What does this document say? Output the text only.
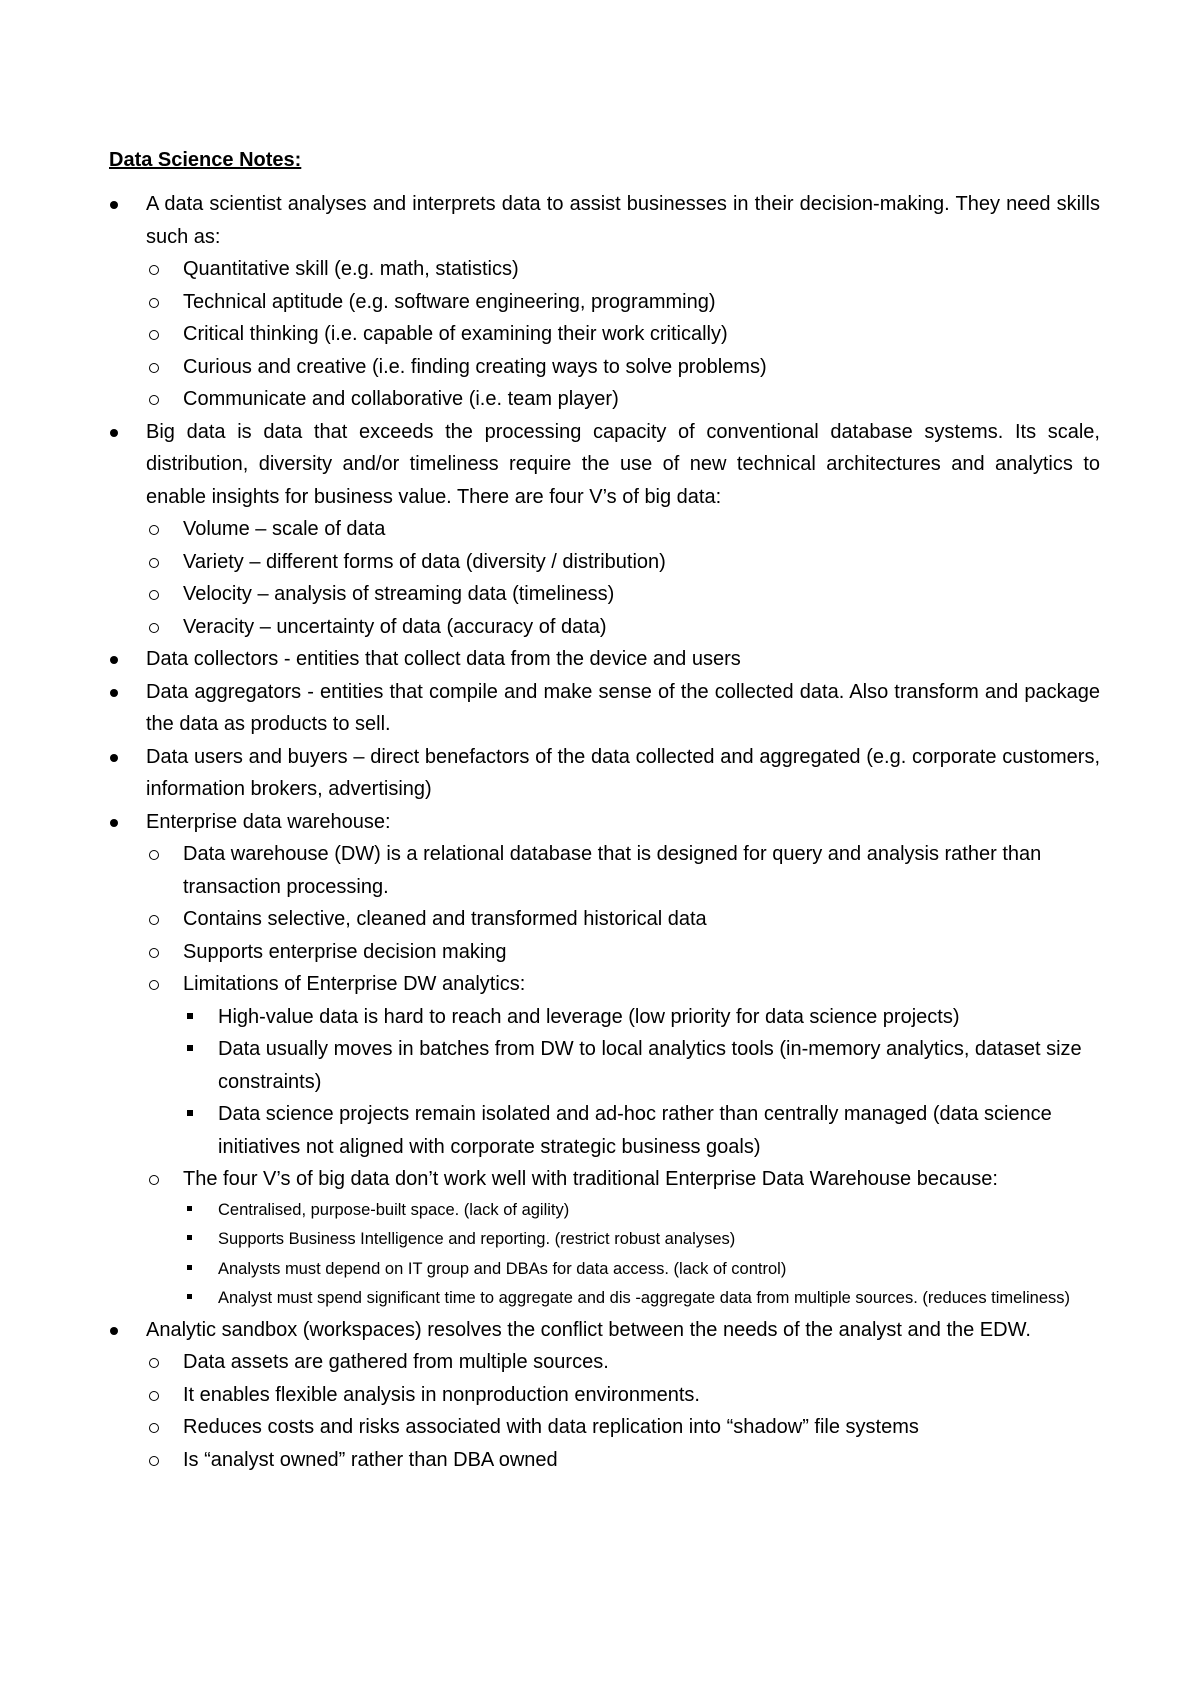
Data Science Notes:
A data scientist analyses and interprets data to assist businesses in their decision-making. They need skills such as:
Quantitative skill (e.g. math, statistics)
Technical aptitude (e.g. software engineering, programming)
Critical thinking (i.e. capable of examining their work critically)
Curious and creative (i.e. finding creating ways to solve problems)
Communicate and collaborative (i.e. team player)
Big data is data that exceeds the processing capacity of conventional database systems. Its scale, distribution, diversity and/or timeliness require the use of new technical architectures and analytics to enable insights for business value. There are four V’s of big data:
Volume – scale of data
Variety – different forms of data (diversity / distribution)
Velocity – analysis of streaming data (timeliness)
Veracity – uncertainty of data (accuracy of data)
Data collectors - entities that collect data from the device and users
Data aggregators - entities that compile and make sense of the collected data. Also transform and package the data as products to sell.
Data users and buyers – direct benefactors of the data collected and aggregated (e.g. corporate customers, information brokers, advertising)
Enterprise data warehouse:
Data warehouse (DW) is a relational database that is designed for query and analysis rather than transaction processing.
Contains selective, cleaned and transformed historical data
Supports enterprise decision making
Limitations of Enterprise DW analytics:
High-value data is hard to reach and leverage (low priority for data science projects)
Data usually moves in batches from DW to local analytics tools (in-memory analytics, dataset size constraints)
Data science projects remain isolated and ad-hoc rather than centrally managed (data science initiatives not aligned with corporate strategic business goals)
The four V’s of big data don’t work well with traditional Enterprise Data Warehouse because:
Centralised, purpose-built space. (lack of agility)
Supports Business Intelligence and reporting. (restrict robust analyses)
Analysts must depend on IT group and DBAs for data access. (lack of control)
Analyst must spend significant time to aggregate and dis -aggregate data from multiple sources. (reduces timeliness)
Analytic sandbox (workspaces) resolves the conflict between the needs of the analyst and the EDW.
Data assets are gathered from multiple sources.
It enables flexible analysis in nonproduction environments.
Reduces costs and risks associated with data replication into “shadow” file systems
Is “analyst owned” rather than DBA owned
